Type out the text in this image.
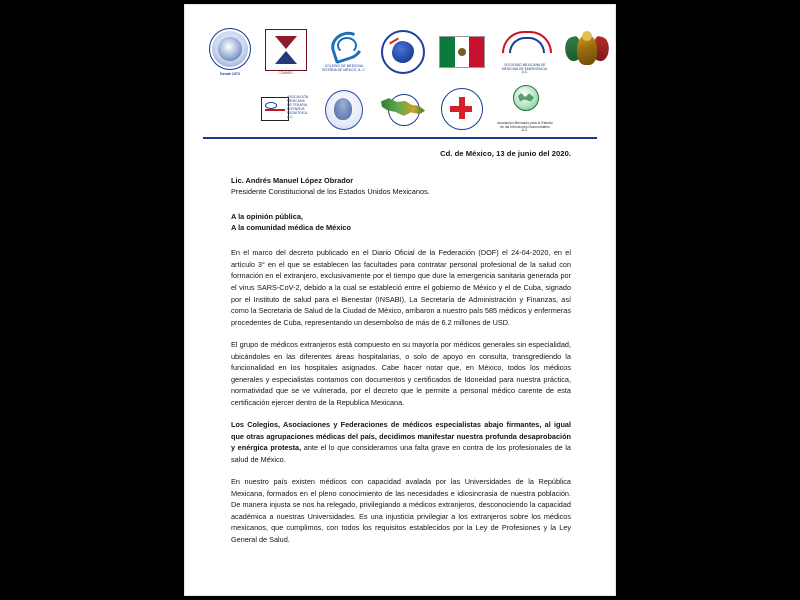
Desde 1973	COMMEC
COLEGIO DE MEDICINA INTERNA DE MÉXICO, A. C.
SOCIEDAD MEXICANA DE MEDICINA DE EMERGENCIA, A.C.
ASOCIACIÓN MEXICANA DE TERAPIA INTENSIVA PEDIÁTRICA A.C.
Asociación Mexicana para el Estudio de las Infecciones Nosocomiales A.C.
Cd. de México, 13 de junio del 2020.
Lic. Andrés Manuel López Obrador
Presidente Constitucional de los Estados Unidos Mexicanos.
A la opinión pública,
A la comunidad médica de México

En el marco del decreto publicado en el Diario Oficial de la Federación (DOF) el 24-04-2020, en el artículo 3° en el que se establecen las facultades para contratar personal profesional de la salud con formación en el extranjero, exclusivamente por el tiempo que dure la emergencia sanitaria generada por el virus SARS-CoV-2, debido a la cual se estableció entre el gobierno de México y el de Cuba, signado por el Instituto de salud para el Bienestar (INSABI), La Secretaría de Administración y Finanzas, así como la Secretaria de Salud de la Ciudad de México, arribaron a nuestro país 585 médicos y enfermeras procedentes de Cuba, representando un desembolso de más de 6.2 millones de USD.

El grupo de médicos extranjeros está compuesto en su mayoría por médicos generales sin especialidad, ubicándoles en las diferentes áreas hospitalarias, o solo de apoyo en consulta, transgrediendo la funcionalidad en los hospitales asignados. Cabe hacer notar que, en México, todos los médicos generales y especialistas contamos con documentos y certificados de Idoneidad para nuestra práctica, normatividad que se ve vulnerada, por el decreto que le permite a personal médico carente de esta certificación ejercer dentro de la Republica Mexicana.

Los Colegios, Asociaciones y Federaciones de médicos especialistas abajo firmantes, al igual que otras agrupaciones médicas del país, decidimos manifestar nuestra profunda desaprobación y enérgica protesta, ante el lo que consideramos una falta grave en contra de los profesionales de la salud de México.

En nuestro país existen médicos con capacidad avalada por las Universidades de la República Mexicana, formados en el pleno conocimiento de las necesidades e idiosincrasia de nuestra población. De manera injusta se nos ha relegado, privilegiando a médicos extranjeros, desconociendo la capacidad académica a nuestras Universidades. Es una injusticia privilegiar a los extranjeros sobre los médicos mexicanos, que cumplimos, con todos los requisitos establecidos por la Ley de Profesiones y la Ley General de Salud.
